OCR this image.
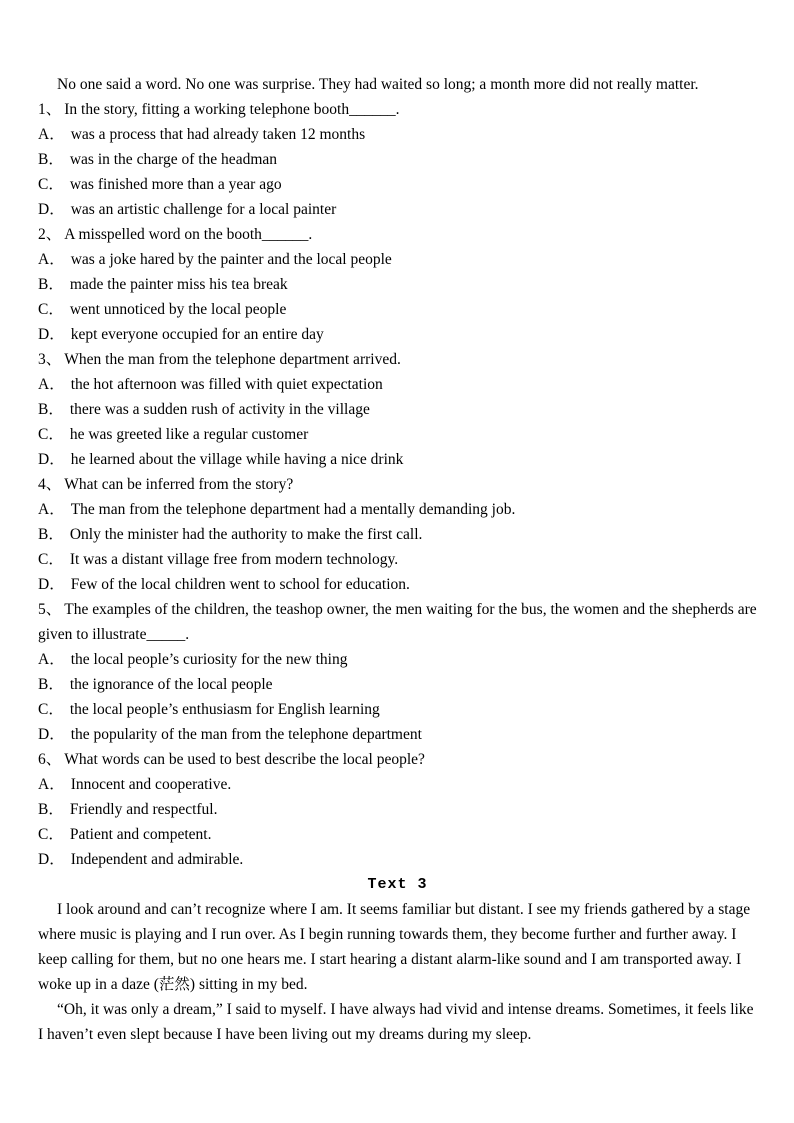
No one said a word. No one was surprise. They had waited so long; a month more did not really matter.

1、 In the story, fitting a working telephone booth______.

A． was a process that had already taken 12 months

B． was in the charge of the headman

C． was finished more than a year ago

D． was an artistic challenge for a local painter

2、 A misspelled word on the booth______.

A． was a joke hared by the painter and the local people

B． made the painter miss his tea break

C． went unnoticed by the local people

D． kept everyone occupied for an entire day

3、 When the man from the telephone department arrived.

A． the hot afternoon was filled with quiet expectation

B． there was a sudden rush of activity in the village

C． he was greeted like a regular customer

D． he learned about the village while having a nice drink

4、 What can be inferred from the story?

A． The man from the telephone department had a mentally demanding job.

B． Only the minister had the authority to make the first call.

C． It was a distant village free from modern technology.

D． Few of the local children went to school for education.

5、 The examples of the children, the teashop owner, the men waiting for the bus, the women and the shepherds are given to illustrate_____.

A． the local people’s curiosity for the new thing

B． the ignorance of the local people

C． the local people’s enthusiasm for English learning

D． the popularity of the man from the telephone department

6、 What words can be used to best describe the local people?

A． Innocent and cooperative.

B． Friendly and respectful.

C． Patient and competent.

D． Independent and admirable.

Text 3

I look around and can’t recognize where I am. It seems familiar but distant. I see my friends gathered by a stage where music is playing and I run over. As I begin running towards them, they become further and further away. I keep calling for them, but no one hears me. I start hearing a distant alarm-like sound and I am transported away. I woke up in a daze (茫然) sitting in my bed.

“Oh, it was only a dream,” I said to myself. I have always had vivid and intense dreams. Sometimes, it feels like I haven’t even slept because I have been living out my dreams during my sleep.
